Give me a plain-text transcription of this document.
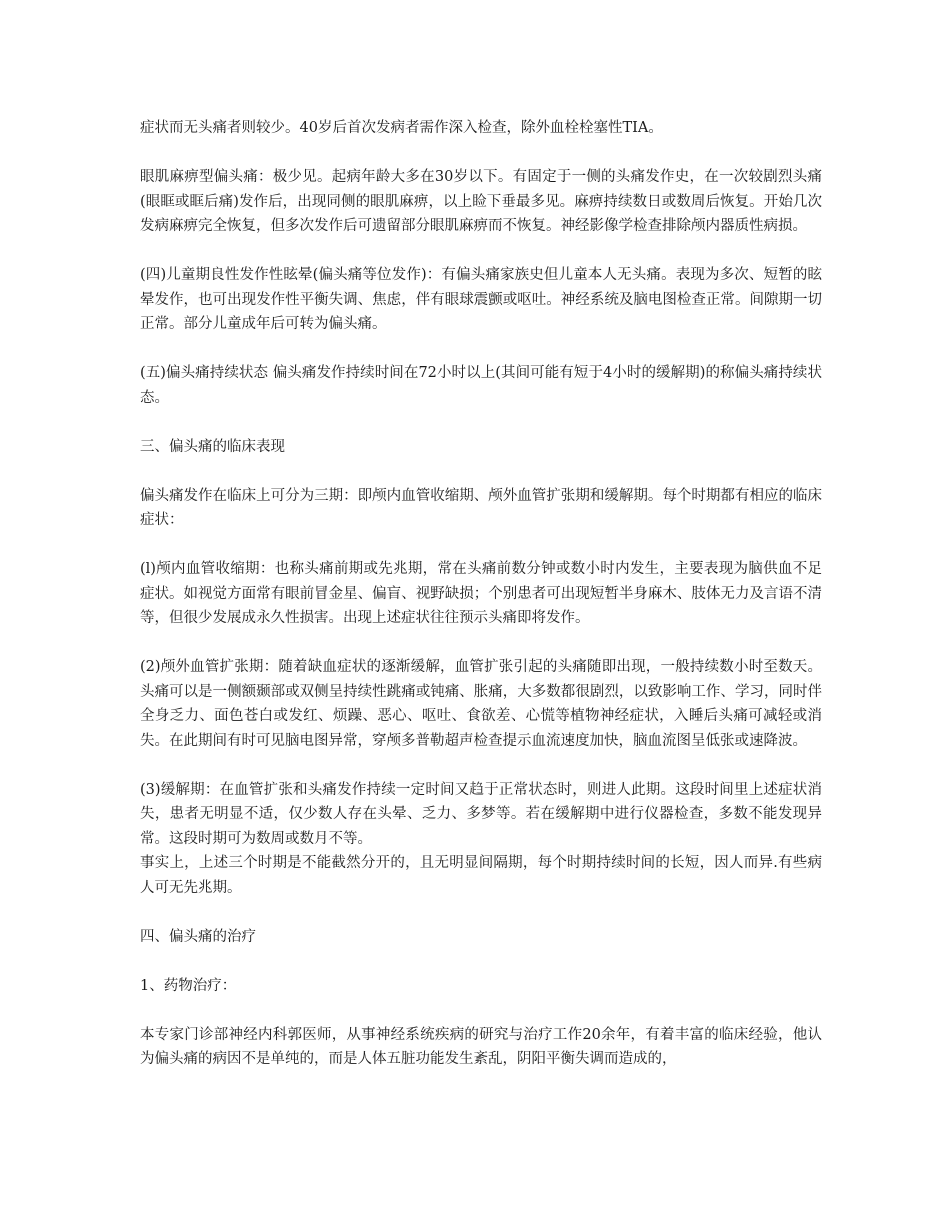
症状而无头痛者则较少。40岁后首次发病者需作深入检查，除外血栓栓塞性TIA。

眼肌麻痹型偏头痛：极少见。起病年龄大多在30岁以下。有固定于一侧的头痛发作史，在一次较剧烈头痛(眼眶或眶后痛)发作后，出现同侧的眼肌麻痹，以上睑下垂最多见。麻痹持续数日或数周后恢复。开始几次发病麻痹完全恢复，但多次发作后可遗留部分眼肌麻痹而不恢复。神经影像学检查排除颅内器质性病损。

(四)儿童期良性发作性眩晕(偏头痛等位发作)：有偏头痛家族史但儿童本人无头痛。表现为多次、短暂的眩晕发作，也可出现发作性平衡失调、焦虑，伴有眼球震颤或呕吐。神经系统及脑电图检查正常。间隙期一切正常。部分儿童成年后可转为偏头痛。

(五)偏头痛持续状态 偏头痛发作持续时间在72小时以上(其间可能有短于4小时的缓解期)的称偏头痛持续状态。

三、偏头痛的临床表现

偏头痛发作在临床上可分为三期：即颅内血管收缩期、颅外血管扩张期和缓解期。每个时期都有相应的临床症状：

(l)颅内血管收缩期：也称头痛前期或先兆期，常在头痛前数分钟或数小时内发生，主要表现为脑供血不足症状。如视觉方面常有眼前冒金星、偏盲、视野缺损；个别患者可出现短暂半身麻木、肢体无力及言语不清等，但很少发展成永久性损害。出现上述症状往往预示头痛即将发作。

(2)颅外血管扩张期：随着缺血症状的逐渐缓解，血管扩张引起的头痛随即出现，一般持续数小时至数天。头痛可以是一侧额颞部或双侧呈持续性跳痛或钝痛、胀痛，大多数都很剧烈，以致影响工作、学习，同时伴全身乏力、面色苍白或发红、烦躁、恶心、呕吐、食欲差、心慌等植物神经症状，入睡后头痛可减轻或消失。在此期间有时可见脑电图异常，穿颅多普勒超声检查提示血流速度加快，脑血流图呈低张或速降波。

(3)缓解期：在血管扩张和头痛发作持续一定时间又趋于正常状态时，则进人此期。这段时间里上述症状消失，患者无明显不适，仅少数人存在头晕、乏力、多梦等。若在缓解期中进行仪器检查，多数不能发现异常。这段时期可为数周或数月不等。

事实上，上述三个时期是不能截然分开的，且无明显间隔期，每个时期持续时间的长短，因人而异.有些病人可无先兆期。

四、偏头痛的治疗

1、药物治疗：

本专家门诊部神经内科郭医师，从事神经系统疾病的研究与治疗工作20余年，有着丰富的临床经验，他认为偏头痛的病因不是单纯的，而是人体五脏功能发生紊乱，阴阳平衡失调而造成的，
